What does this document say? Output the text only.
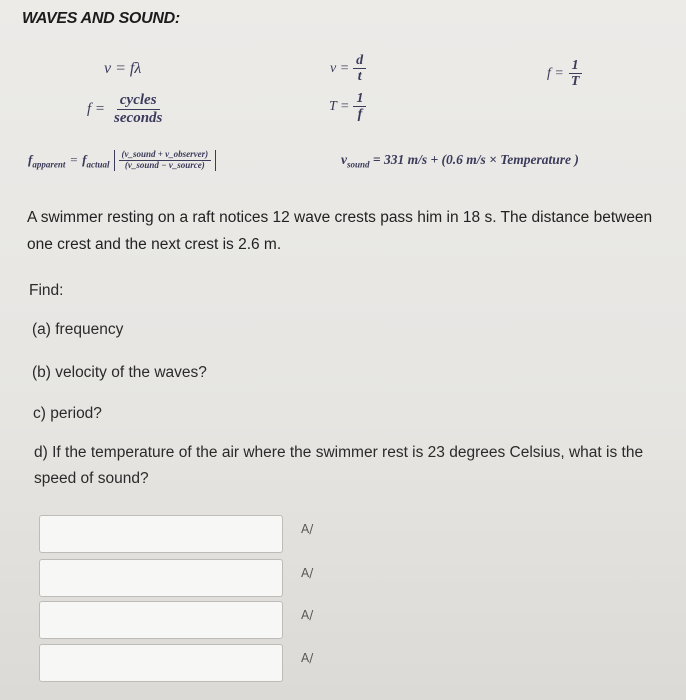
WAVES AND SOUND:
v = fλ
$f = \frac{\text{cycles}}{\text{seconds}}$
$v = \frac{d}{t}$
$T = \frac{1}{f}$
$f = \frac{1}{T}$
$f_{apparent} = f_{actual} \frac{\text{(v\_sound + v\_observer)}}{\text{(v\_sound − v\_source)}}$	$v_{sound} = 331$ m/s + (0.6 m/s × Temperature )
A swimmer resting on a raft notices 12 wave crests pass him in 18 s. The distance between one crest and the next crest is 2.6 m.
Find:
(a) frequency
(b) velocity of the waves?
c) period?
d) If the temperature of the air where the swimmer rest is 23 degrees Celsius, what is the speed of sound?
A/
A/
A/
A/
